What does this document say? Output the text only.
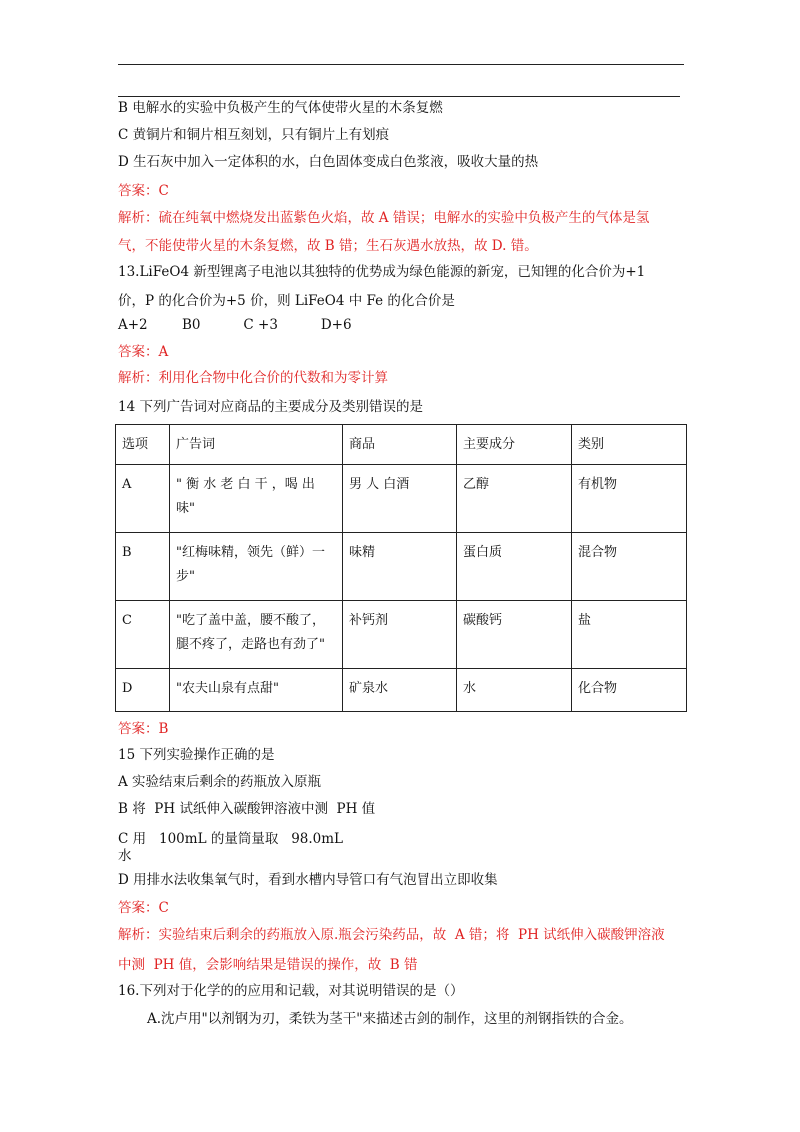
B 电解水的实验中负极产生的气体使带火星的木条复燃
C 黄铜片和铜片相互刻划，只有铜片上有划痕
D 生石灰中加入一定体积的水，白色固体变成白色浆液，吸收大量的热
答案：C
解析：硫在纯氧中燃烧发出蓝紫色火焰，故 A 错误；电解水的实验中负极产生的气体是氢
气，不能使带火星的木条复燃，故 B 错；生石灰遇水放热，故 D. 错。
13.LiFeO4 新型锂离子电池以其独特的优势成为绿色能源的新宠，已知锂的化合价为+1
价，P 的化合价为+5 价，则 LiFeO4 中 Fe 的化合价是
A+2        B0          C +3          D+6
答案：A
解析：利用化合物中化合价的代数和为零计算
14 下列广告词对应商品的主要成分及类别错误的是
选项	广告词	商品	主要成分	类别
A	" 衡 水 老 白 干 ，喝 出 味"	男 人 白酒	乙醇	有机物
B	"红梅味精，领先（鲜）一 步"	味精	蛋白质	混合物
C	"吃了盖中盖，腰不酸了， 腿不疼了，走路也有劲了"	补钙剂	碳酸钙	盐
D	"农夫山泉有点甜"	矿泉水	水	化合物
答案：B
15 下列实验操作正确的是
A 实验结束后剩余的药瓶放入原瓶
B 将  PH 试纸伸入碳酸钾溶液中测  PH 值
C 用   100mL 的量筒量取   98.0mL
水
D 用排水法收集氧气时，看到水槽内导管口有气泡冒出立即收集
答案：C
解析：实验结束后剩余的药瓶放入原.瓶会污染药品，故  A 错；将  PH 试纸伸入碳酸钾溶液
中测  PH 值，会影响结果是错误的操作，故  B 错
16.下列对于化学的的应用和记载，对其说明错误的是（）
A.沈卢用"以剂钢为刃，柔铁为茎干"来描述古剑的制作，这里的剂钢指铁的合金。
